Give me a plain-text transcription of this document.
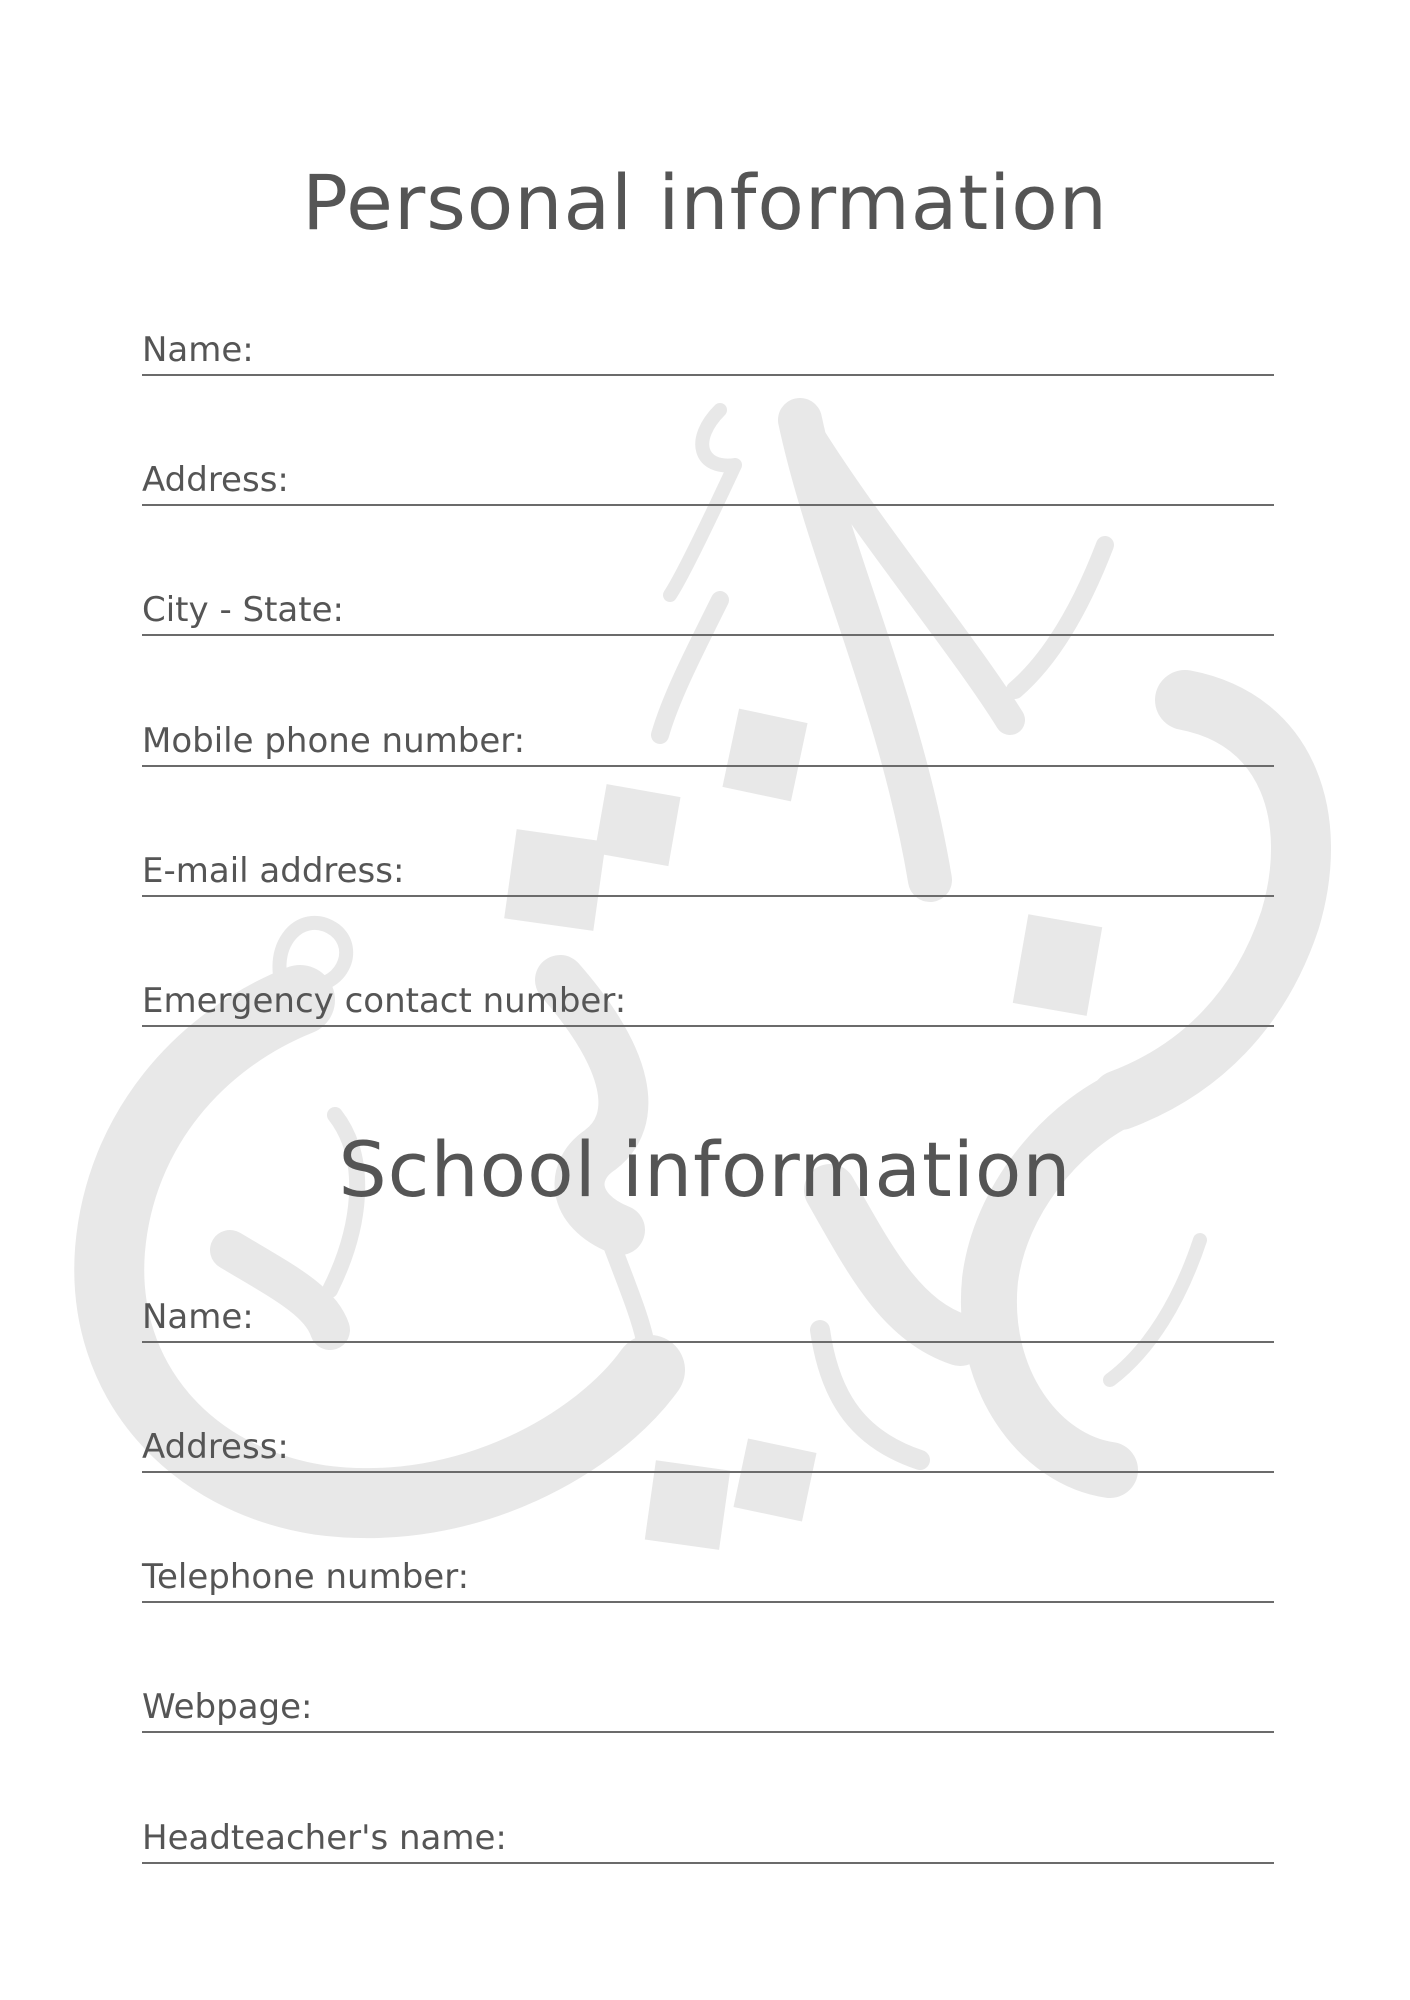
Personal information
Name:
Address:
City - State:
Mobile phone number:
E-mail address:
Emergency contact number:
School information
Name:
Address:
Telephone number:
Webpage:
Headteacher's name:
